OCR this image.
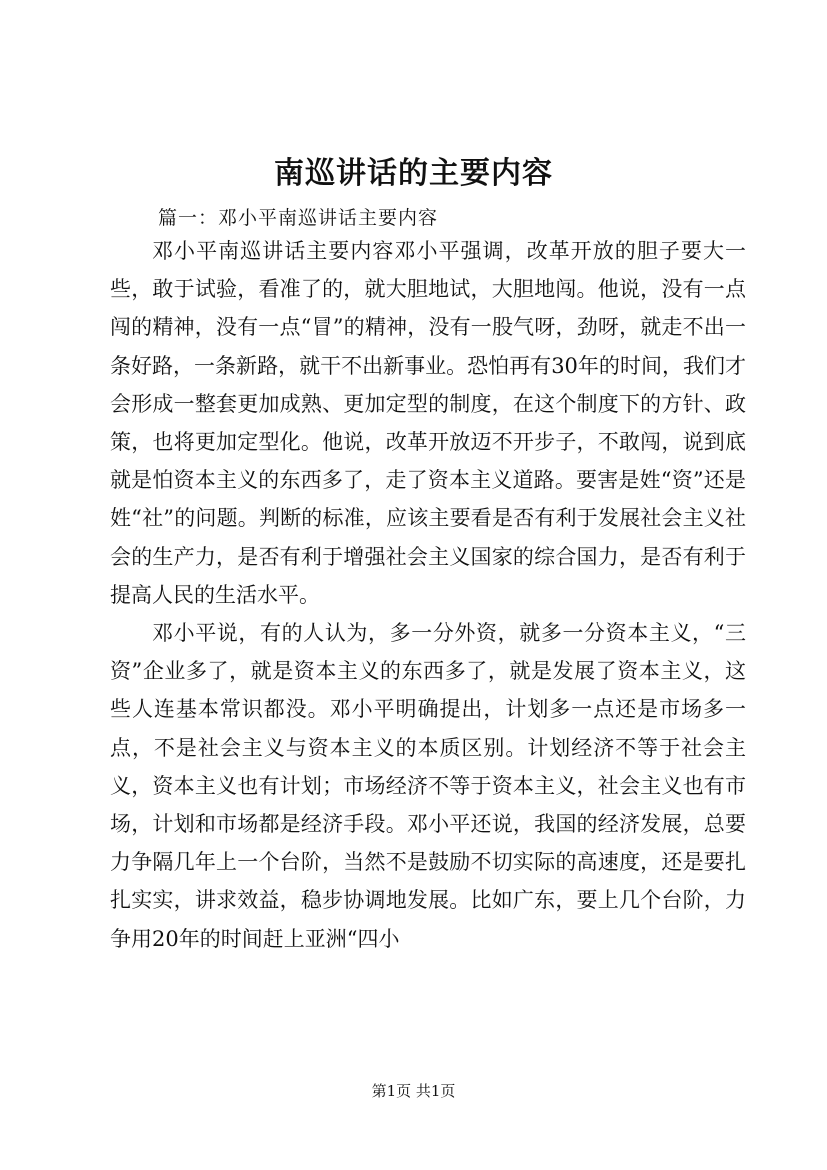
南巡讲话的主要内容

篇一：邓小平南巡讲话主要内容

邓小平南巡讲话主要内容邓小平强调，改革开放的胆子要大一些，敢于试验，看准了的，就大胆地试，大胆地闯。他说，没有一点闯的精神，没有一点“冒”的精神，没有一股气呀，劲呀，就走不出一条好路，一条新路，就干不出新事业。恐怕再有30年的时间，我们才会形成一整套更加成熟、更加定型的制度，在这个制度下的方针、政策，也将更加定型化。他说，改革开放迈不开步子，不敢闯，说到底就是怕资本主义的东西多了，走了资本主义道路。要害是姓“资”还是姓“社”的问题。判断的标准，应该主要看是否有利于发展社会主义社会的生产力，是否有利于增强社会主义国家的综合国力，是否有利于提高人民的生活水平。

邓小平说，有的人认为，多一分外资，就多一分资本主义，“三资”企业多了，就是资本主义的东西多了，就是发展了资本主义，这些人连基本常识都没。邓小平明确提出，计划多一点还是市场多一点，不是社会主义与资本主义的本质区别。计划经济不等于社会主义，资本主义也有计划；市场经济不等于资本主义，社会主义也有市场，计划和市场都是经济手段。邓小平还说，我国的经济发展，总要力争隔几年上一个台阶，当然不是鼓励不切实际的高速度，还是要扎扎实实，讲求效益，稳步协调地发展。比如广东，要上几个台阶，力争用20年的时间赶上亚洲“四小

第1页 共1页
